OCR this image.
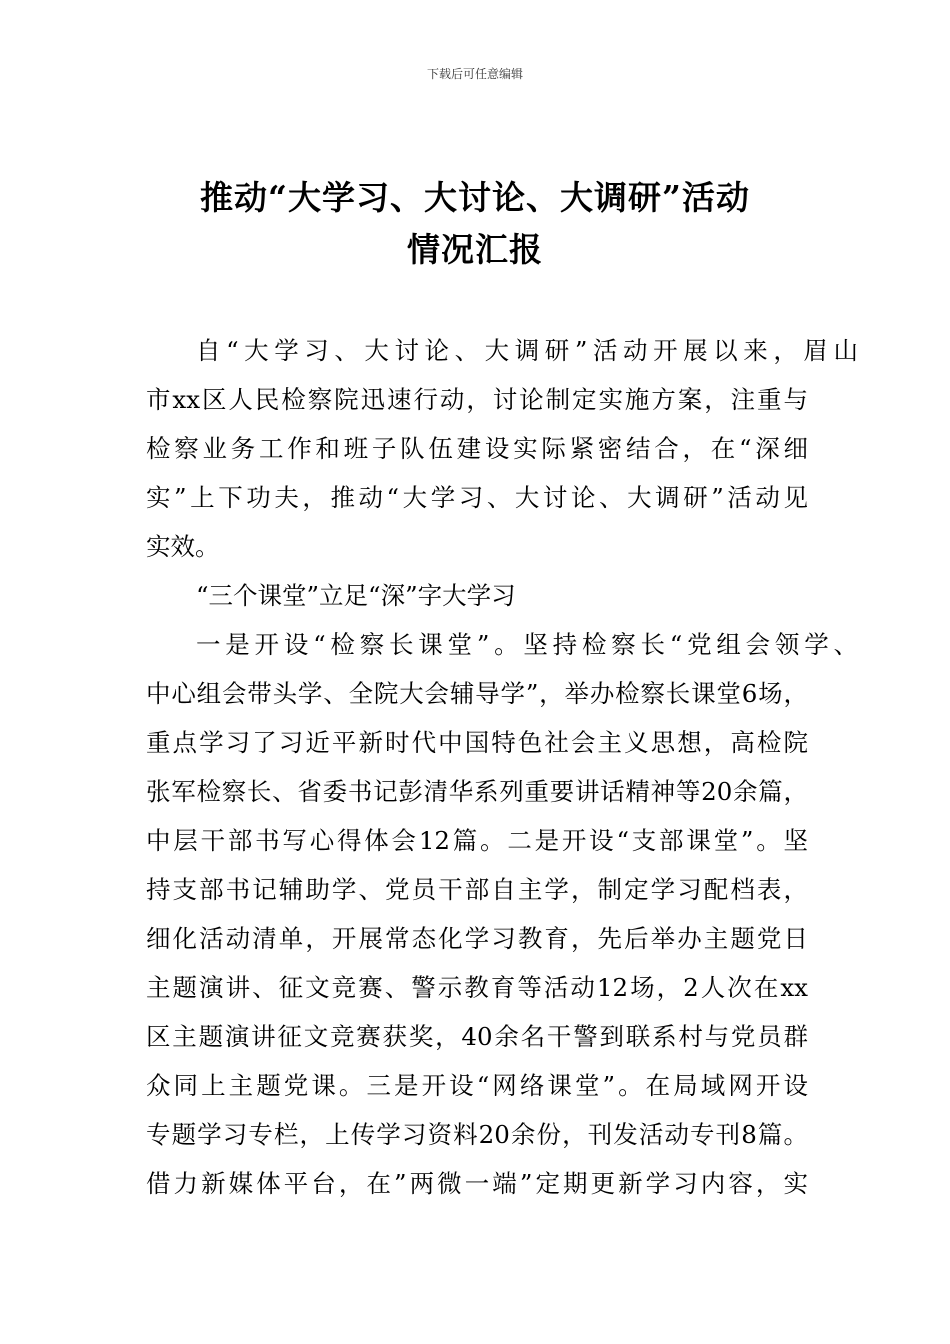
下载后可任意编辑
推动“大学习、大讨论、大调研”活动
情况汇报
自“大学习、大讨论、大调研”活动开展以来，眉山
市xx区人民检察院迅速行动，讨论制定实施方案，注重与
检察业务工作和班子队伍建设实际紧密结合，在“深细
实”上下功夫，推动“大学习、大讨论、大调研”活动见
实效。
“三个课堂”立足“深”字大学习
一是开设“检察长课堂”。坚持检察长“党组会领学、
中心组会带头学、全院大会辅导学”，举办检察长课堂6场，
重点学习了习近平新时代中国特色社会主义思想，高检院
张军检察长、省委书记彭清华系列重要讲话精神等20余篇，
中层干部书写心得体会12篇。二是开设“支部课堂”。坚
持支部书记辅助学、党员干部自主学，制定学习配档表，
细化活动清单，开展常态化学习教育，先后举办主题党日
主题演讲、征文竞赛、警示教育等活动12场，2人次在xx
区主题演讲征文竞赛获奖，40余名干警到联系村与党员群
众同上主题党课。三是开设“网络课堂”。在局域网开设
专题学习专栏，上传学习资料20余份，刊发活动专刊8篇。
借力新媒体平台，在”两微一端”定期更新学习内容，实
